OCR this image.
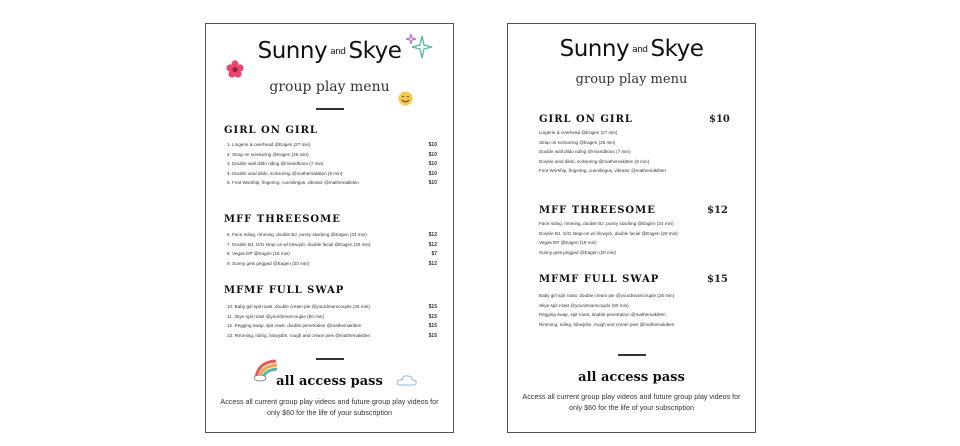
Sunny and Skye
group play menu
GIRL ON GIRL
MFF THREESOME
MFMF FULL SWAP
all access pass
Access all current group play videos and future group play videos for only $60 for the life of your subscription
1. Lingerie & overhead @Eagen (27 min)	$10
2. Strap on scissoring @Eagen (25 min)	$10
3. Double wall dildo riding @miandbooo (7 min)	$10
4. Double anal dildo, scissoring @mathemakitten (8 min)	$10
5. Foot Worship, fingering, cunnilingus, vibrator @mathemakitten	$10
6. Face riding, rimming, double BJ, pussy stacking @Eagen (24 min)	$12
7. Double BJ, G/G strap on w/ blowjob, double facial @Eagen (20 min)	$12
8. Vegas DP @Eagen (18 min)	$7
9. Sunny gets pegged @Eagen (20 min)	$12
10. Baby girl spit roast, double cream pie @yourdreamcouple (25 min)	$15
11. Skye spit roast @yourdreamcouple (50 min)	$15
12. Pegging swap, spit roast, double penetration @mathemakitten	$15
13. Rimming, riding, blowjobs, rough and cream pies @mathemakitten	$15
Sunny and Skye
group play menu
GIRL ON GIRL	$10
MFF THREESOME	$12
MFMF FULL SWAP	$15
all access pass
Access all current group play videos and future group play videos for only $60 for the life of your subscription
Lingerie & overhead @Eagen (27 min)
Strap on scissoring @Eagen (25 min)
Double wall dildo riding @miandbooo (7 min)
Double anal dildo, scissoring @mathemakitten (8 min)
Foot Worship, fingering, cunnilingus, vibrator @mathemakitten
Face riding, rimming, double BJ, pussy stacking @Eagen (24 min)
Double BJ, G/G strap-on w/ blowjob, double facial @Eagen (20 min)
Vegas DP @Eagen (18 min)
Sunny gets pegged @Eagen (20 min)
Baby girl spit roast, double cream pie @yourdreamcouple (25 min)
Skye spit roast @yourdreamcouple (50 min)
Pegging swap, spit roast, double penetration @mathemakitten
Rimming, riding, blowjobs, rough and cream pies @mathemakitten
